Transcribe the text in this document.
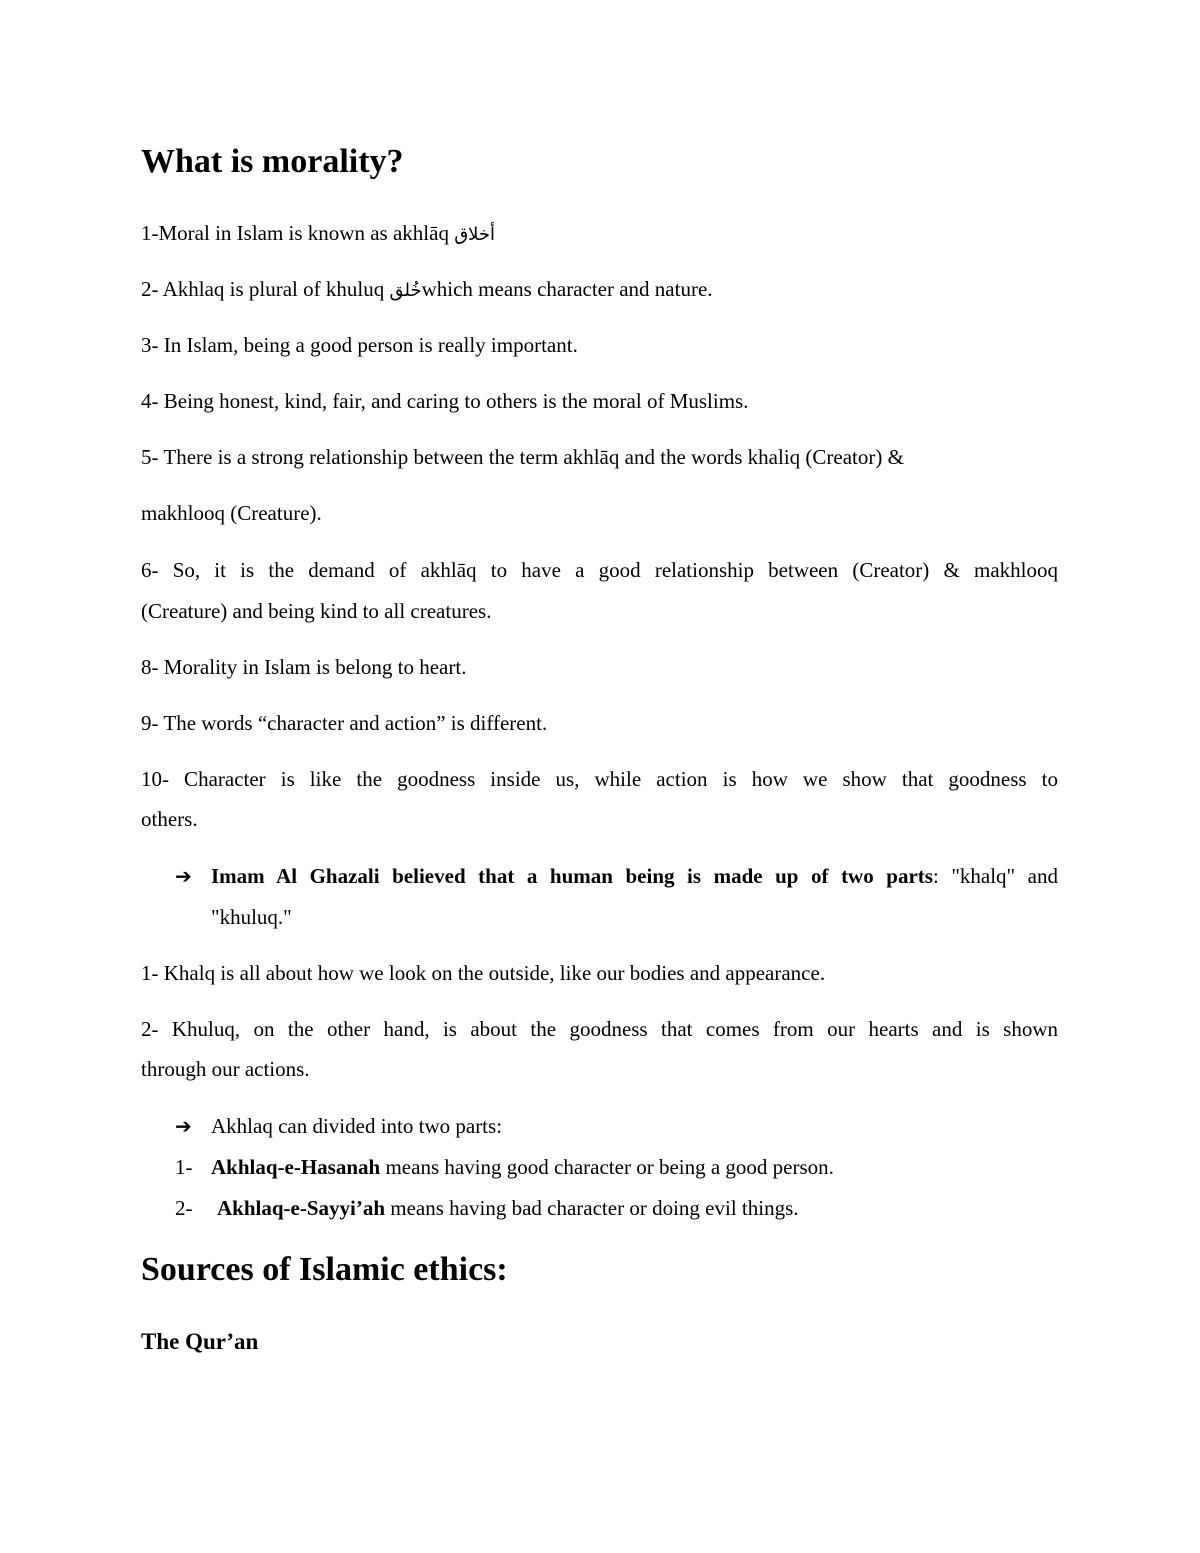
What is morality?

1-Moral in Islam is known as akhlāq أخلاق

2- Akhlaq is plural of khuluq خُلقwhich means character and nature.

3- In Islam, being a good person is really important.

4- Being honest, kind, fair, and caring to others is the moral of Muslims.

5- There is a strong relationship between the term akhlāq and the words khaliq (Creator) &

makhlooq (Creature).

6- So, it is the demand of akhlāq to have a good relationship between (Creator) & makhlooq

(Creature) and being kind to all creatures.

8- Morality in Islam is belong to heart.

9- The words “character and action” is different.

10- Character is like the goodness inside us, while action is how we show that goodness to

others.

➔ Imam Al Ghazali believed that a human being is made up of two parts: "khalq" and

"khuluq."

1- Khalq is all about how we look on the outside, like our bodies and appearance.

2- Khuluq, on the other hand, is about the goodness that comes from our hearts and is shown

through our actions.

➔ Akhlaq can divided into two parts:

1- Akhlaq-e-Hasanah means having good character or being a good person.

2- Akhlaq-e-Sayyi’ah means having bad character or doing evil things.

Sources of Islamic ethics:
The Qur’an
